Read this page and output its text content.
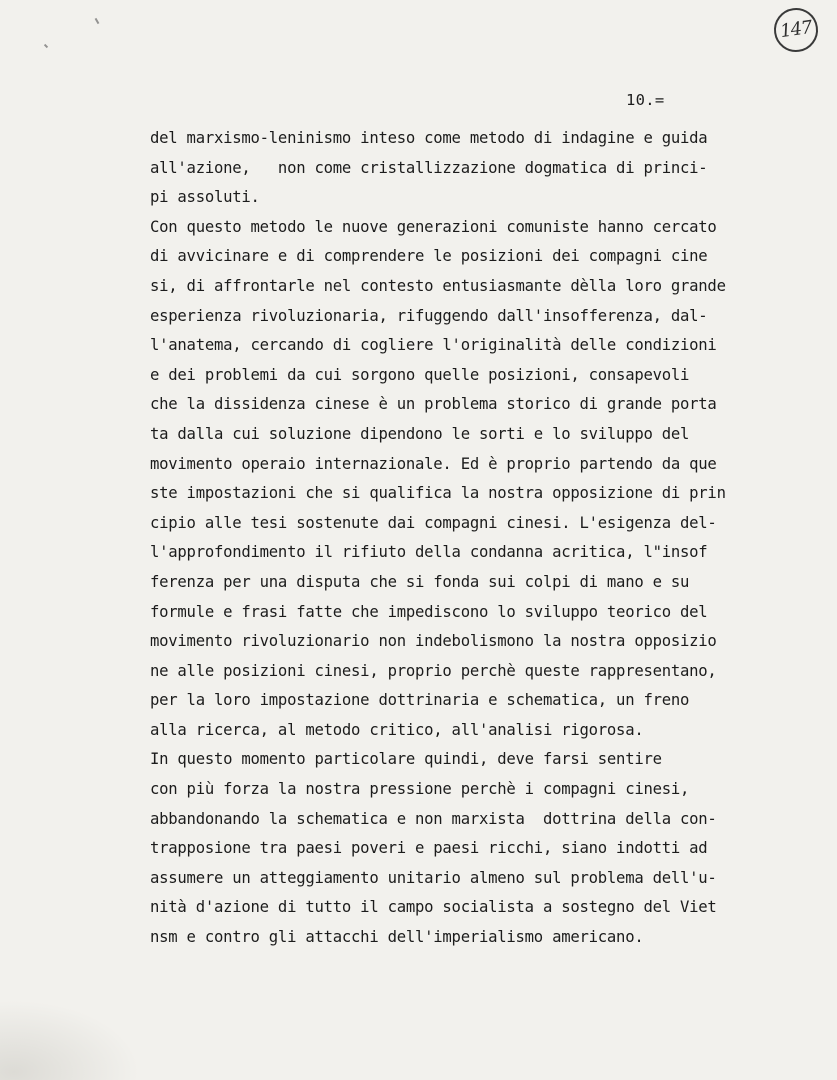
147
10.=
del marxismo-leninismo inteso come metodo di indagine e guida
all'azione,   non come cristallizzazione dogmatica di princi-
pi assoluti.
Con questo metodo le nuove generazioni comuniste hanno cercato
di avvicinare e di comprendere le posizioni dei compagni cine
si, di affrontarle nel contesto entusiasmante dèlla loro grande
esperienza rivoluzionaria, rifuggendo dall'insofferenza, dal-
l'anatema, cercando di cogliere l'originalità delle condizioni
e dei problemi da cui sorgono quelle posizioni, consapevoli
che la dissidenza cinese è un problema storico di grande porta
ta dalla cui soluzione dipendono le sorti e lo sviluppo del
movimento operaio internazionale. Ed è proprio partendo da que
ste impostazioni che si qualifica la nostra opposizione di prin
cipio alle tesi sostenute dai compagni cinesi. L'esigenza del-
l'approfondimento il rifiuto della condanna acritica, l"insof
ferenza per una disputa che si fonda sui colpi di mano e su
formule e frasi fatte che impediscono lo sviluppo teorico del
movimento rivoluzionario non indebolismono la nostra opposizio
ne alle posizioni cinesi, proprio perchè queste rappresentano,
per la loro impostazione dottrinaria e schematica, un freno
alla ricerca, al metodo critico, all'analisi rigorosa.
In questo momento particolare quindi, deve farsi sentire
con più forza la nostra pressione perchè i compagni cinesi,
abbandonando la schematica e non marxista  dottrina della con-
trapposione tra paesi poveri e paesi ricchi, siano indotti ad
assumere un atteggiamento unitario almeno sul problema dell'u-
nità d'azione di tutto il campo socialista a sostegno del Viet
nsm e contro gli attacchi dell'imperialismo americano.
